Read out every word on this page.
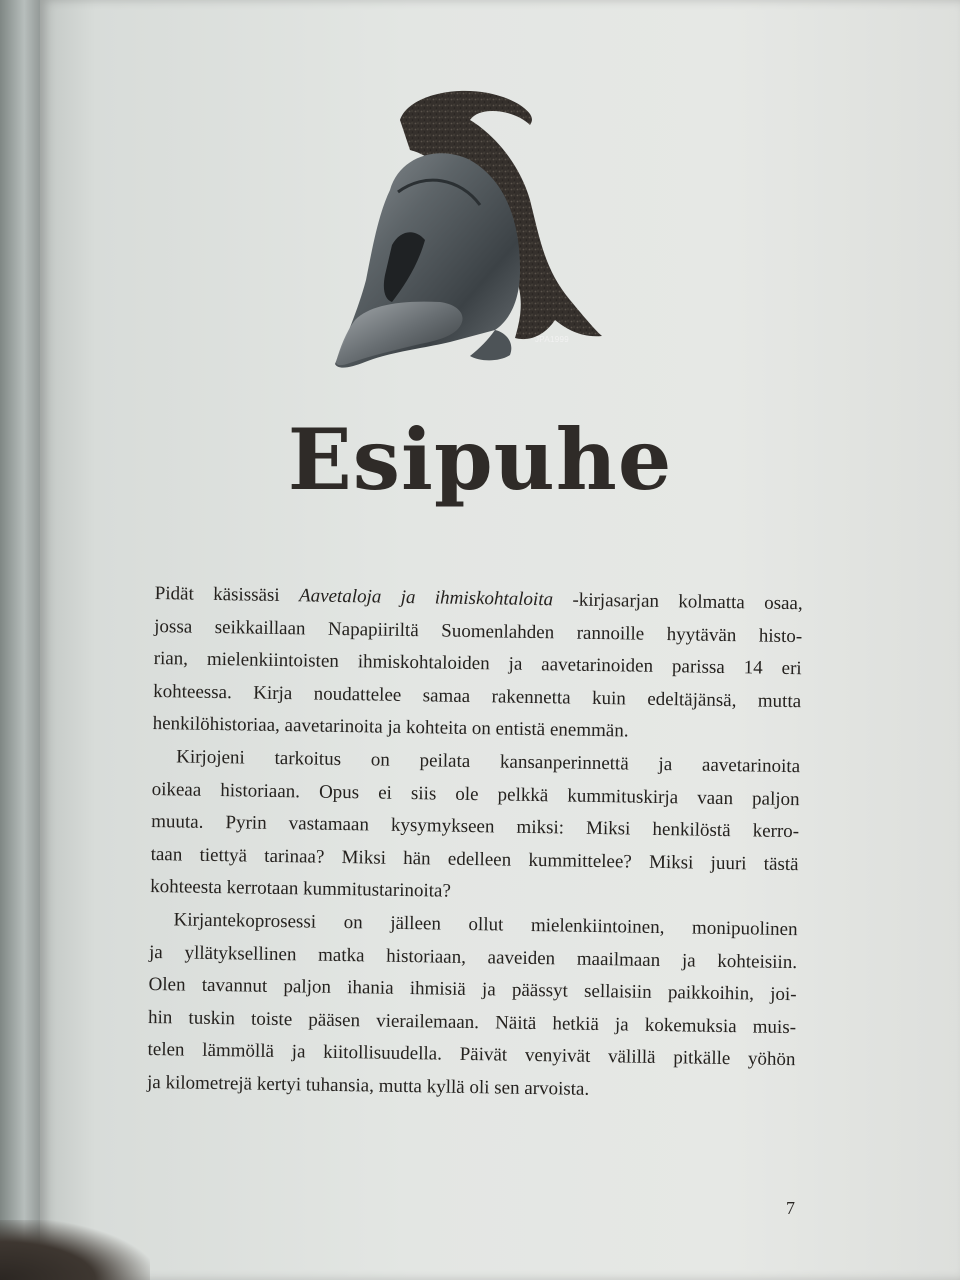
JPA1999
Esipuhe
Pidät käsissäsi Aavetaloja ja ihmiskohtaloita -kirjasarjan kolmatta osaa,
jossa seikkaillaan Napapiiriltä Suomenlahden rannoille hyytävän histo-
rian, mielenkiintoisten ihmiskohtaloiden ja aavetarinoiden parissa 14 eri
kohteessa. Kirja noudattelee samaa rakennetta kuin edeltäjänsä, mutta
henkilöhistoriaa, aavetarinoita ja kohteita on entistä enemmän.
Kirjojeni tarkoitus on peilata kansanperinnettä ja aavetarinoita
oikeaa historiaan. Opus ei siis ole pelkkä kummituskirja vaan paljon
muuta. Pyrin vastamaan kysymykseen miksi: Miksi henkilöstä kerro-
taan tiettyä tarinaa? Miksi hän edelleen kummittelee? Miksi juuri tästä
kohteesta kerrotaan kummitustarinoita?
Kirjantekoprosessi on jälleen ollut mielenkiintoinen, monipuolinen
ja yllätyksellinen matka historiaan, aaveiden maailmaan ja kohteisiin.
Olen tavannut paljon ihania ihmisiä ja päässyt sellaisiin paikkoihin, joi-
hin tuskin toiste pääsen vierailemaan. Näitä hetkiä ja kokemuksia muis-
telen lämmöllä ja kiitollisuudella. Päivät venyivät välillä pitkälle yöhön
ja kilometrejä kertyi tuhansia, mutta kyllä oli sen arvoista.
7
